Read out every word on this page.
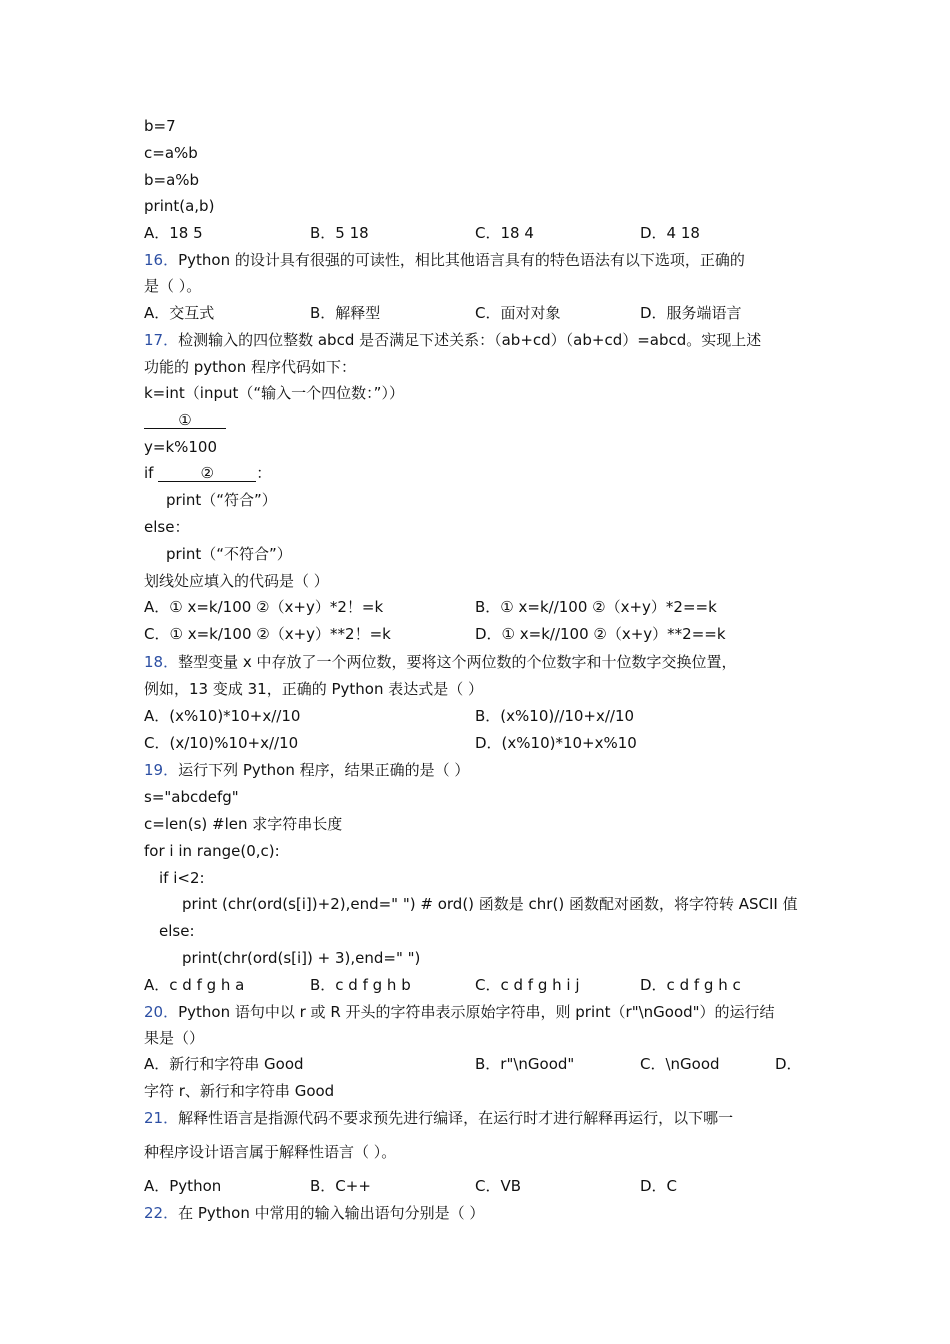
b=7
c=a%b
b=a%b
print(a,b)
A．18 5	B．5 18	C．18 4	D．4 18
16．Python 的设计具有很强的可读性，相比其他语言具有的特色语法有以下选项，正确的
是（ ）。
A．交互式	B．解释型	C．面对对象	D．服务端语言
17．检测输入的四位整数 abcd 是否满足下述关系：（ab+cd）（ab+cd）=abcd。实现上述
功能的 python 程序代码如下：
k=int（input（“输入一个四位数：”））
①
y=k%100
if	②	：
print（“符合”）
else：
print（“不符合”）
划线处应填入的代码是（ ）
A．① x=k/100 ②（x+y）*2！=k	B．① x=k//100 ②（x+y）*2==k
C．① x=k/100 ②（x+y）**2！=k	D．① x=k//100 ②（x+y）**2==k
18．整型变量 x 中存放了一个两位数，要将这个两位数的个位数字和十位数字交换位置，
例如，13 变成 31，正确的 Python 表达式是（ ）
A．(x%10)*10+x//10	B．(x%10)//10+x//10
C．(x/10)%10+x//10	D．(x%10)*10+x%10
19．运行下列 Python 程序，结果正确的是（ ）
s="abcdefg"
c=len(s) #len 求字符串长度
for i in range(0,c):
if i<2:
print (chr(ord(s[i])+2),end=" ") # ord() 函数是 chr() 函数配对函数，将字符转 ASCII 值
else:
print(chr(ord(s[i]) + 3),end=" ")
A．c d f g h a	B．c d f g h b	C．c d f g h i j	D．c d f g h c
20．Python 语句中以 r 或 R 开头的字符串表示原始字符串，则 print（r"\nGood"）的运行结
果是（）
A．新行和字符串 Good	B．r"\nGood"	C．\nGood	D．
字符 r、新行和字符串 Good
21．解释性语言是指源代码不要求预先进行编译，在运行时才进行解释再运行，以下哪一
种程序设计语言属于解释性语言（ ）。
A．Python	B．C++	C．VB	D．C
22．在 Python 中常用的输入输出语句分别是（ ）
